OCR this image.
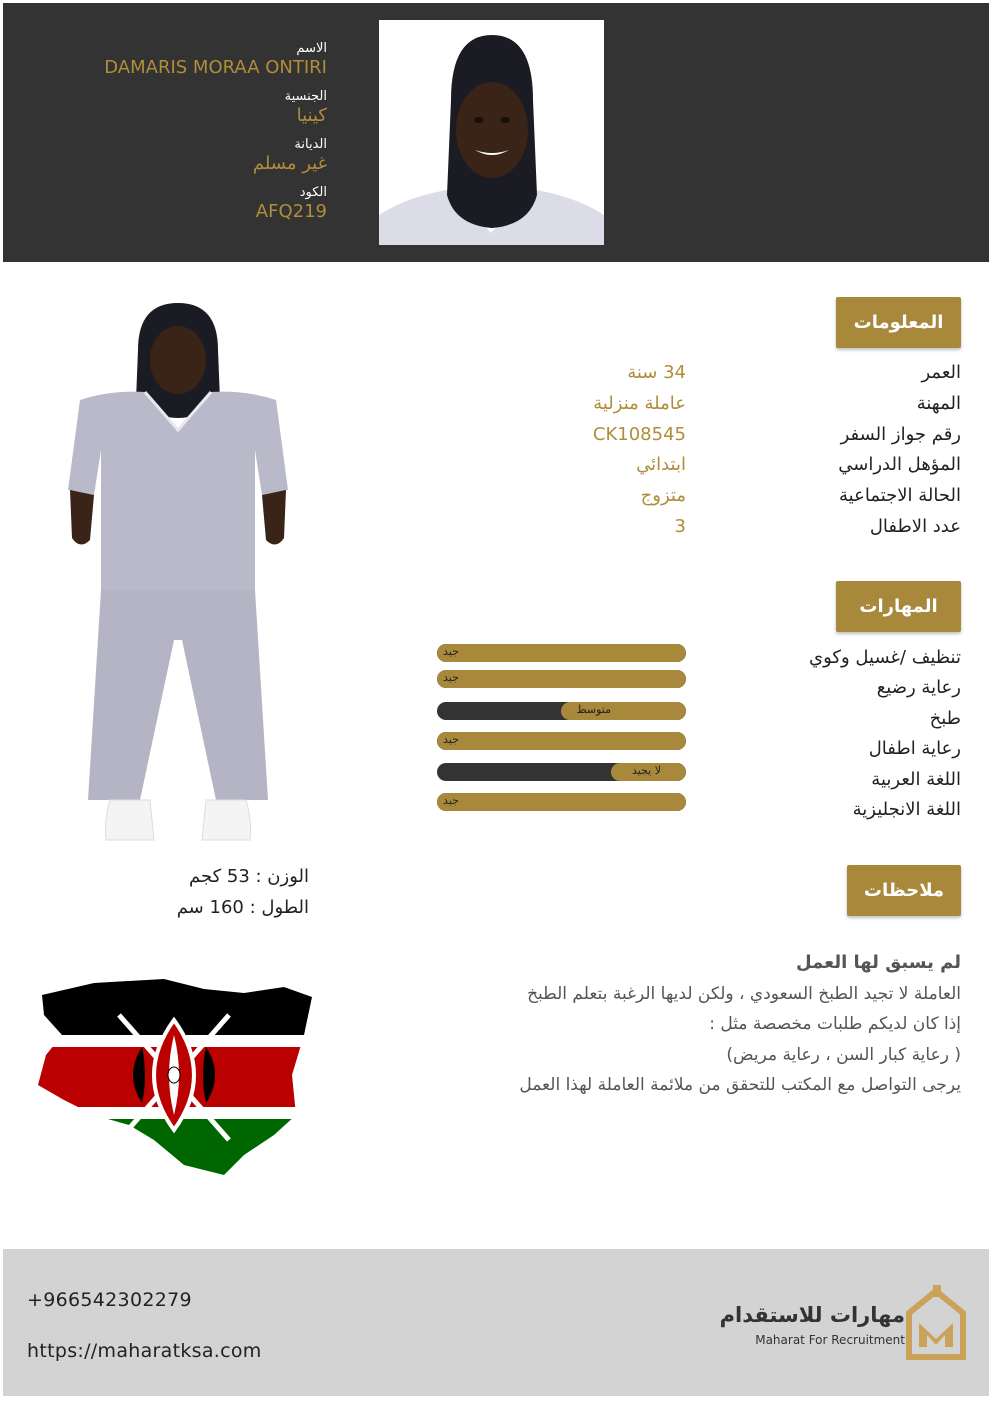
الاسم
DAMARIS MORAA ONTIRI
الجنسية
كينيا
الديانة
غير مسلم
الكود
AFQ219
المعلومات
العمر
34 سنة
المهنة
عاملة منزلية
رقم جواز السفر
CK108545
المؤهل الدراسي
ابتدائي
الحالة الاجتماعية
متزوج
عدد الاطفال
3
المهارات
تنظيف /غسيل وكوي
رعاية رضيع
طبخ
رعاية اطفال
اللغة العربية
اللغة الانجليزية
جيد
جيد
متوسط
جيد
لا يجيد
جيد
ملاحظات
لم يسبق لها العمل
العاملة لا تجيد الطبخ السعودي ، ولكن لديها الرغبة بتعلم الطبخ
إذا كان لديكم طلبات مخصصة مثل :
( رعاية كبار السن ، رعاية مريض)
يرجى التواصل مع المكتب للتحقق من ملائمة العاملة لهذا العمل
الوزن : 53 كجم
الطول : 160 سم
+966542302279
https://maharatksa.com
مهارات للاستقدام
Maharat For Recruitment
